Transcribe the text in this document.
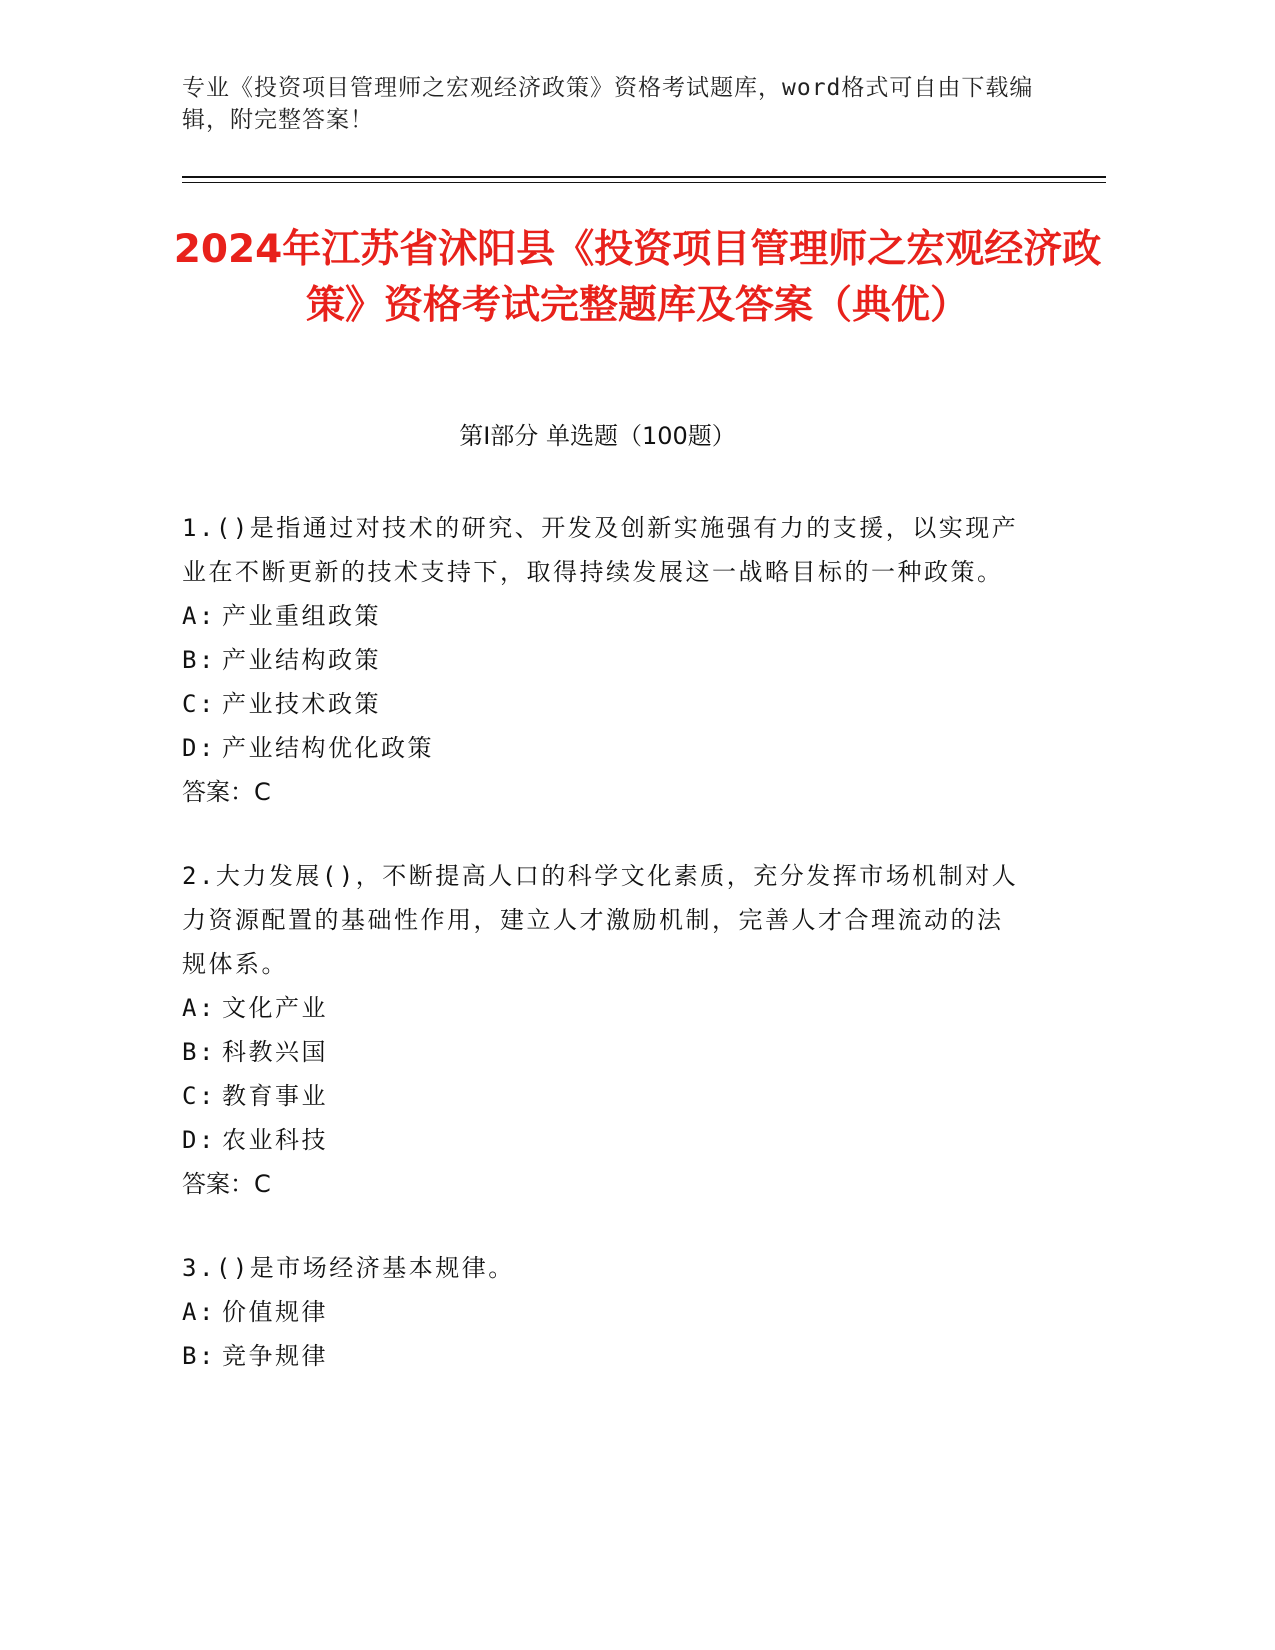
专业《投资项目管理师之宏观经济政策》资格考试题库，word格式可自由下载编辑，附完整答案！
2024年江苏省沭阳县《投资项目管理师之宏观经济政策》资格考试完整题库及答案（典优）
第Ⅰ部分 单选题（100题）
1.()是指通过对技术的研究、开发及创新实施强有力的支援，以实现产业在不断更新的技术支持下，取得持续发展这一战略目标的一种政策。
A: 产业重组政策
B: 产业结构政策
C: 产业技术政策
D: 产业结构优化政策
答案：C
2.大力发展()，不断提高人口的科学文化素质，充分发挥市场机制对人力资源配置的基础性作用，建立人才激励机制，完善人才合理流动的法规体系。
A: 文化产业
B: 科教兴国
C: 教育事业
D: 农业科技
答案：C
3.()是市场经济基本规律。
A: 价值规律
B: 竞争规律
